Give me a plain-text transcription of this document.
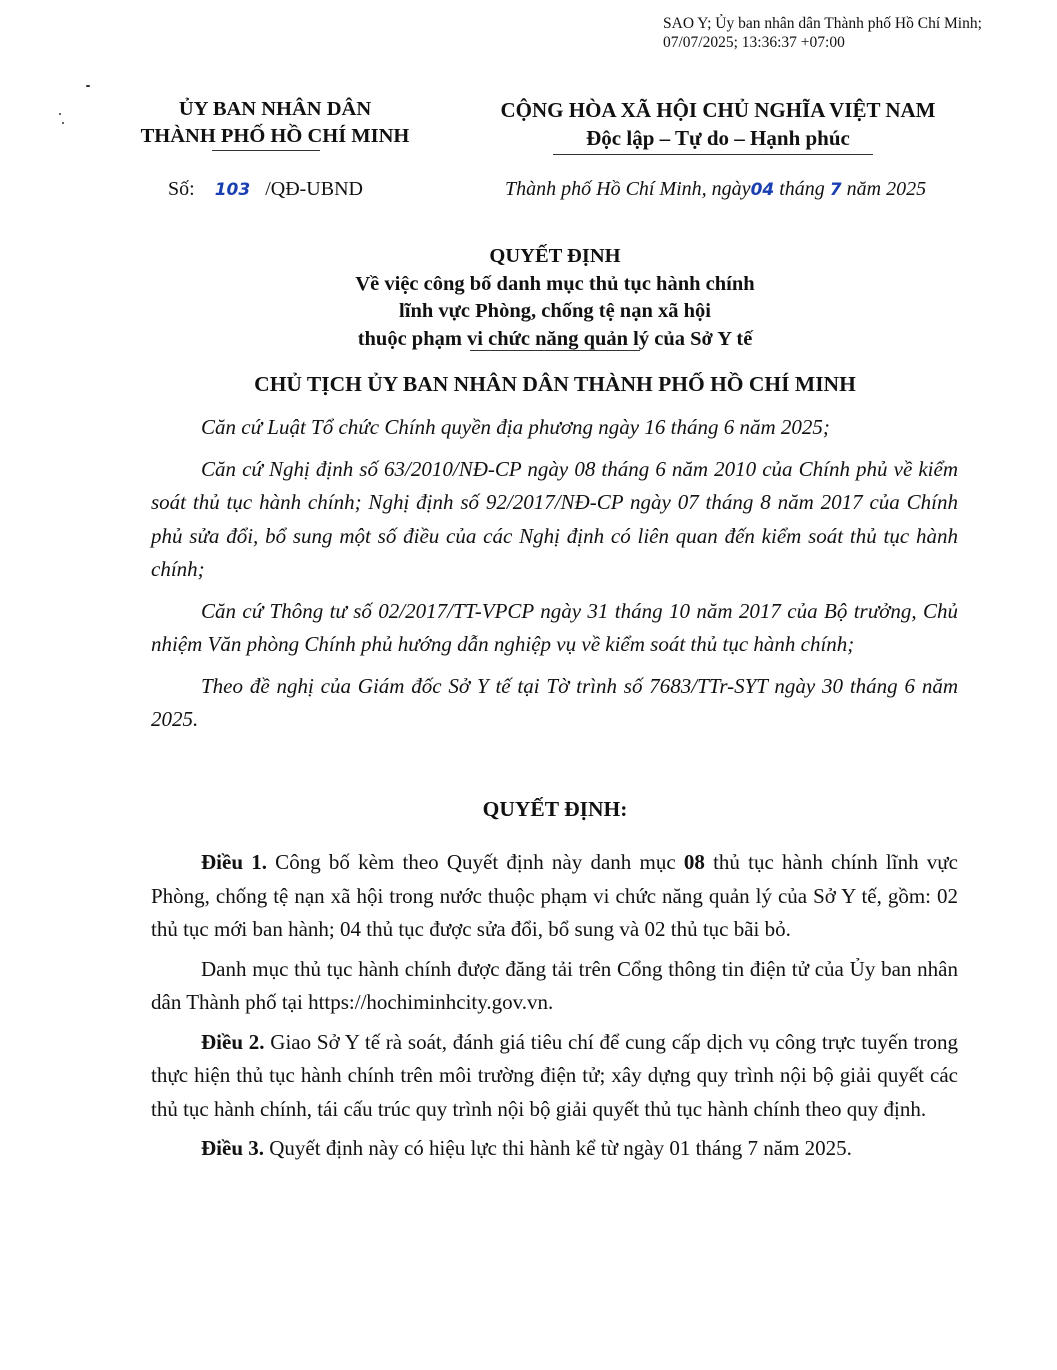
SAO Y; Ủy ban nhân dân Thành phố Hồ Chí Minh;
07/07/2025; 13:36:37 +07:00
ỦY BAN NHÂN DÂN
THÀNH PHỐ HỒ CHÍ MINH
CỘNG HÒA XÃ HỘI CHỦ NGHĨA VIỆT NAM
Độc lập – Tự do – Hạnh phúc
Số: 103 /QĐ-UBND	Thành phố Hồ Chí Minh, ngày04 tháng 7 năm 2025
QUYẾT ĐỊNH
Về việc công bố danh mục thủ tục hành chính
lĩnh vực Phòng, chống tệ nạn xã hội
thuộc phạm vi chức năng quản lý của Sở Y tế
CHỦ TỊCH ỦY BAN NHÂN DÂN THÀNH PHỐ HỒ CHÍ MINH

Căn cứ Luật Tổ chức Chính quyền địa phương ngày 16 tháng 6 năm 2025;

Căn cứ Nghị định số 63/2010/NĐ-CP ngày 08 tháng 6 năm 2010 của Chính phủ về kiểm soát thủ tục hành chính; Nghị định số 92/2017/NĐ-CP ngày 07 tháng 8 năm 2017 của Chính phủ sửa đổi, bổ sung một số điều của các Nghị định có liên quan đến kiểm soát thủ tục hành chính;

Căn cứ Thông tư số 02/2017/TT-VPCP ngày 31 tháng 10 năm 2017 của Bộ trưởng, Chủ nhiệm Văn phòng Chính phủ hướng dẫn nghiệp vụ về kiểm soát thủ tục hành chính;

Theo đề nghị của Giám đốc Sở Y tế tại Tờ trình số 7683/TTr-SYT ngày 30 tháng 6 năm 2025.

QUYẾT ĐỊNH:

Điều 1. Công bố kèm theo Quyết định này danh mục 08 thủ tục hành chính lĩnh vực Phòng, chống tệ nạn xã hội trong nước thuộc phạm vi chức năng quản lý của Sở Y tế, gồm: 02 thủ tục mới ban hành; 04 thủ tục được sửa đổi, bổ sung và 02 thủ tục bãi bỏ.

Danh mục thủ tục hành chính được đăng tải trên Cổng thông tin điện tử của Ủy ban nhân dân Thành phố tại https://hochiminhcity.gov.vn.

Điều 2. Giao Sở Y tế rà soát, đánh giá tiêu chí để cung cấp dịch vụ công trực tuyến trong thực hiện thủ tục hành chính trên môi trường điện tử; xây dựng quy trình nội bộ giải quyết các thủ tục hành chính, tái cấu trúc quy trình nội bộ giải quyết thủ tục hành chính theo quy định.

Điều 3. Quyết định này có hiệu lực thi hành kể từ ngày 01 tháng 7 năm 2025.
